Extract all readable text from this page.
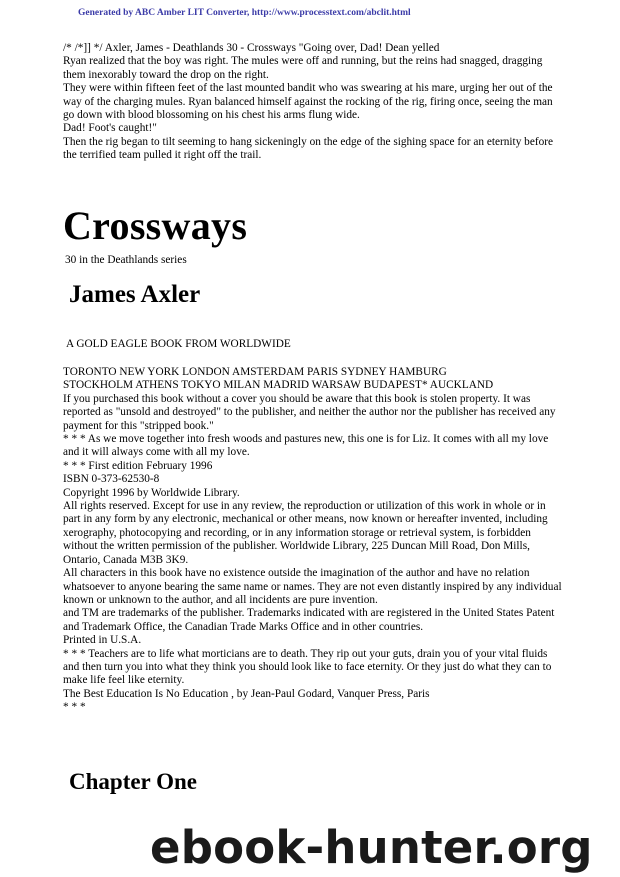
Generated by ABC Amber LIT Converter, http://www.processtext.com/abclit.html

/* /*]] */ Axler, James - Deathlands 30 - Crossways "Going over, Dad! Dean yelled

Ryan realized that the boy was right. The mules were off and running, but the reins had snagged, dragging them inexorably toward the drop on the right.

They were within fifteen feet of the last mounted bandit who was swearing at his mare, urging her out of the way of the charging mules. Ryan balanced himself against the rocking of the rig, firing once, seeing the man go down with blood blossoming on his chest his arms flung wide.

Dad! Foot's caught!"

Then the rig began to tilt seeming to hang sickeningly on the edge of the sighing space for an eternity before the terrified team pulled it right off the trail.

Crossways
30 in the Deathlands series
James Axler
A GOLD EAGLE BOOK FROM WORLDWIDE

TORONTO NEW YORK LONDON AMSTERDAM PARIS SYDNEY HAMBURG

STOCKHOLM ATHENS TOKYO MILAN MADRID WARSAW BUDAPEST* AUCKLAND

If you purchased this book without a cover you should be aware that this book is stolen property. It was reported as "unsold and destroyed" to the publisher, and neither the author nor the publisher has received any payment for this "stripped book."

* * * As we move together into fresh woods and pastures new, this one is for Liz. It comes with all my love and it will always come with all my love.

* * * First edition February 1996

ISBN 0-373-62530-8

Copyright 1996 by Worldwide Library.

All rights reserved. Except for use in any review, the reproduction or utilization of this work in whole or in part in any form by any electronic, mechanical or other means, now known or hereafter invented, including xerography, photocopying and recording, or in any information storage or retrieval system, is forbidden without the written permission of the publisher. Worldwide Library, 225 Duncan Mill Road, Don Mills, Ontario, Canada M3B 3K9.

All characters in this book have no existence outside the imagination of the author and have no relation whatsoever to anyone bearing the same name or names. They are not even distantly inspired by any individual known or unknown to the author, and all incidents are pure invention.

and TM are trademarks of the publisher. Trademarks indicated with are registered in the United States Patent and Trademark Office, the Canadian Trade Marks Office and in other countries.

Printed in U.S.A.

* * * Teachers are to life what morticians are to death. They rip out your guts, drain you of your vital fluids and then turn you into what they think you should look like to face eternity. Or they just do what they can to make life feel like eternity.

The Best Education Is No Education , by Jean-Paul Godard, Vanquer Press, Paris

* * *

Chapter One
ebook-hunter.org
